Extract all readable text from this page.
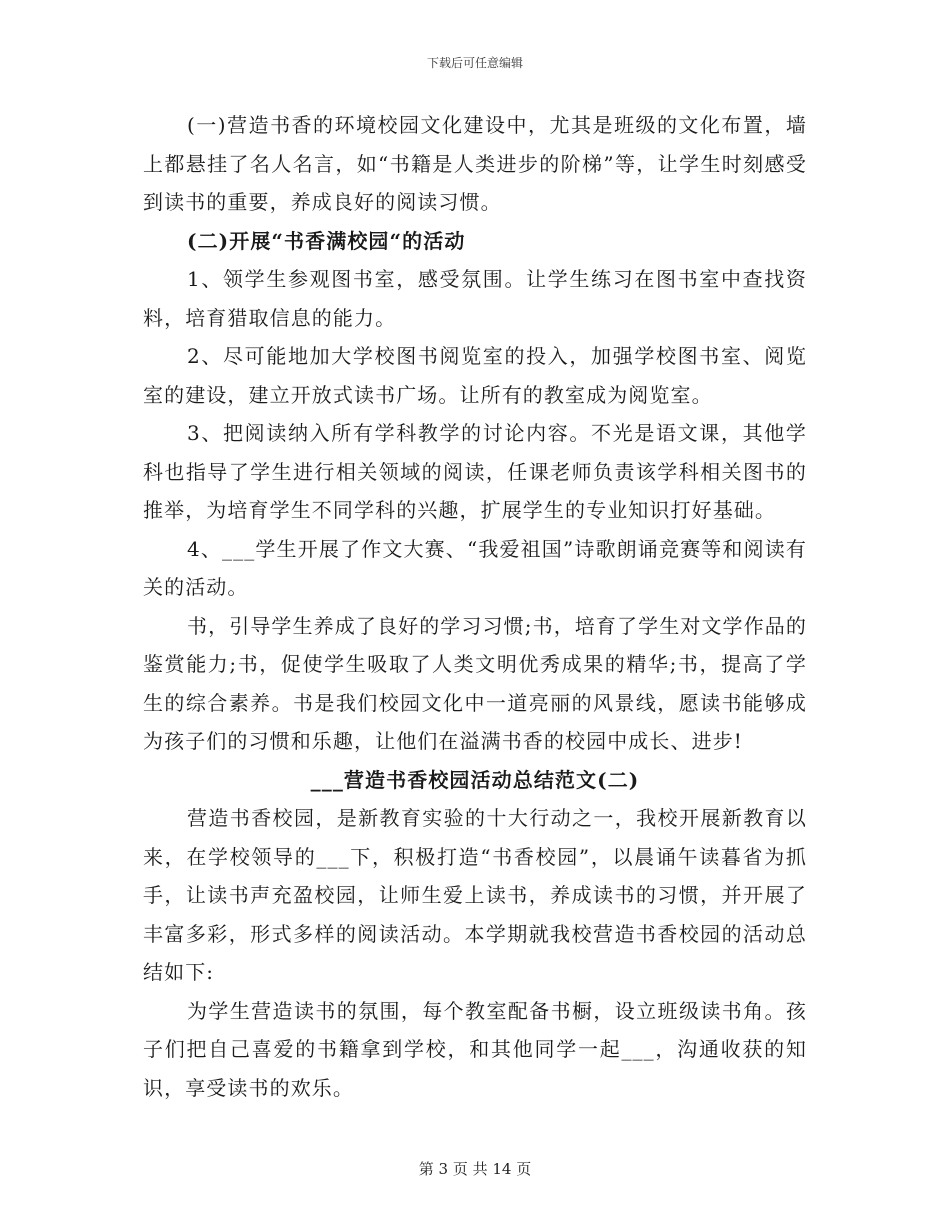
下载后可任意编辑

(一)营造书香的环境校园文化建设中，尤其是班级的文化布置，墙上都悬挂了名人名言，如“书籍是人类进步的阶梯”等，让学生时刻感受到读书的重要，养成良好的阅读习惯。

(二)开展“书香满校园“的活动

1、领学生参观图书室，感受氛围。让学生练习在图书室中查找资料，培育猎取信息的能力。

2、尽可能地加大学校图书阅览室的投入，加强学校图书室、阅览室的建设，建立开放式读书广场。让所有的教室成为阅览室。

3、把阅读纳入所有学科教学的讨论内容。不光是语文课，其他学科也指导了学生进行相关领域的阅读，任课老师负责该学科相关图书的推举，为培育学生不同学科的兴趣，扩展学生的专业知识打好基础。

4、___学生开展了作文大赛、“我爱祖国”诗歌朗诵竞赛等和阅读有关的活动。

书，引导学生养成了良好的学习习惯;书，培育了学生对文学作品的鉴赏能力;书，促使学生吸取了人类文明优秀成果的精华;书，提高了学生的综合素养。书是我们校园文化中一道亮丽的风景线，愿读书能够成为孩子们的习惯和乐趣，让他们在溢满书香的校园中成长、进步!

___营造书香校园活动总结范文(二)

营造书香校园，是新教育实验的十大行动之一，我校开展新教育以来，在学校领导的___下，积极打造“书香校园”，以晨诵午读暮省为抓手，让读书声充盈校园，让师生爱上读书，养成读书的习惯，并开展了丰富多彩，形式多样的阅读活动。本学期就我校营造书香校园的活动总结如下:

为学生营造读书的氛围，每个教室配备书橱，设立班级读书角。孩子们把自己喜爱的书籍拿到学校，和其他同学一起___，沟通收获的知识，享受读书的欢乐。

第 3 页 共 14 页
